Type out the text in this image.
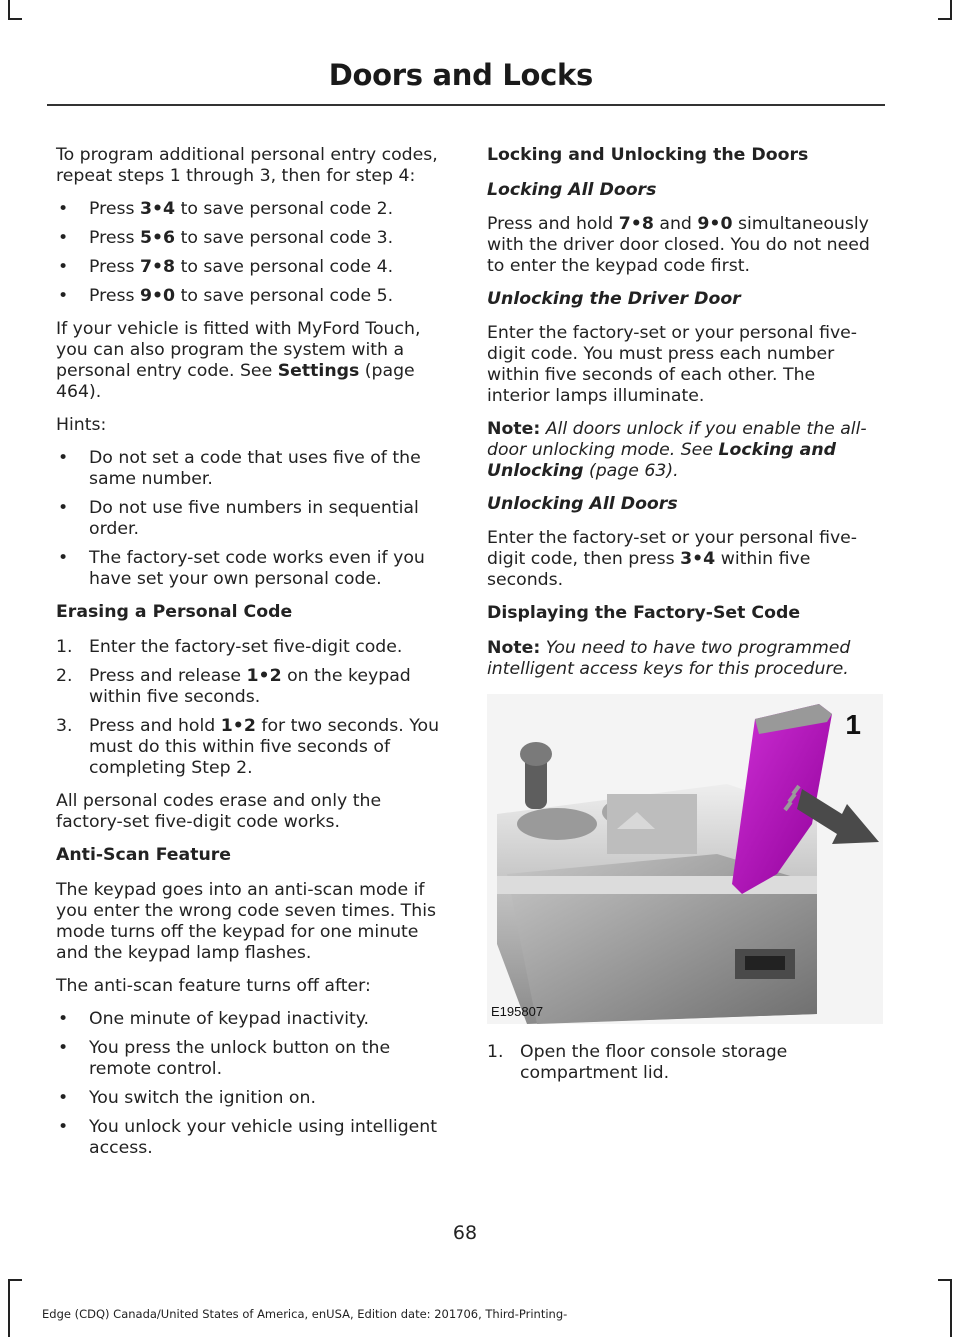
Doors and Locks

To program additional personal entry codes, repeat steps 1 through 3, then for step 4:

• Press 3•4 to save personal code 2.
• Press 5•6 to save personal code 3.
• Press 7•8 to save personal code 4.
• Press 9•0 to save personal code 5.

If your vehicle is fitted with MyFord Touch, you can also program the system with a personal entry code. See Settings (page 464).

Hints:

• Do not set a code that uses five of the same number.
• Do not use five numbers in sequential order.
• The factory-set code works even if you have set your own personal code.
Erasing a Personal Code
1. Enter the factory-set five-digit code.
2. Press and release 1•2 on the keypad within five seconds.
3. Press and hold 1•2 for two seconds. You must do this within five seconds of completing Step 2.

All personal codes erase and only the factory-set five-digit code works.

Anti-Scan Feature

The keypad goes into an anti-scan mode if you enter the wrong code seven times. This mode turns off the keypad for one minute and the keypad lamp flashes.

The anti-scan feature turns off after:

• One minute of keypad inactivity.
• You press the unlock button on the remote control.
• You switch the ignition on.
• You unlock your vehicle using intelligent access.
Locking and Unlocking the Doors
Locking All Doors

Press and hold 7•8 and 9•0 simultaneously with the driver door closed. You do not need to enter the keypad code first.

Unlocking the Driver Door

Enter the factory-set or your personal five-digit code. You must press each number within five seconds of each other. The interior lamps illuminate.

Note: All doors unlock if you enable the all-door unlocking mode. See Locking and Unlocking (page 63).

Unlocking All Doors

Enter the factory-set or your personal five-digit code, then press 3•4 within five seconds.

Displaying the Factory-Set Code

Note: You need to have two programmed intelligent access keys for this procedure.

1
E195807
1. Open the floor console storage compartment lid.
68
Edge (CDQ) Canada/United States of America, enUSA, Edition date: 201706, Third-Printing-
